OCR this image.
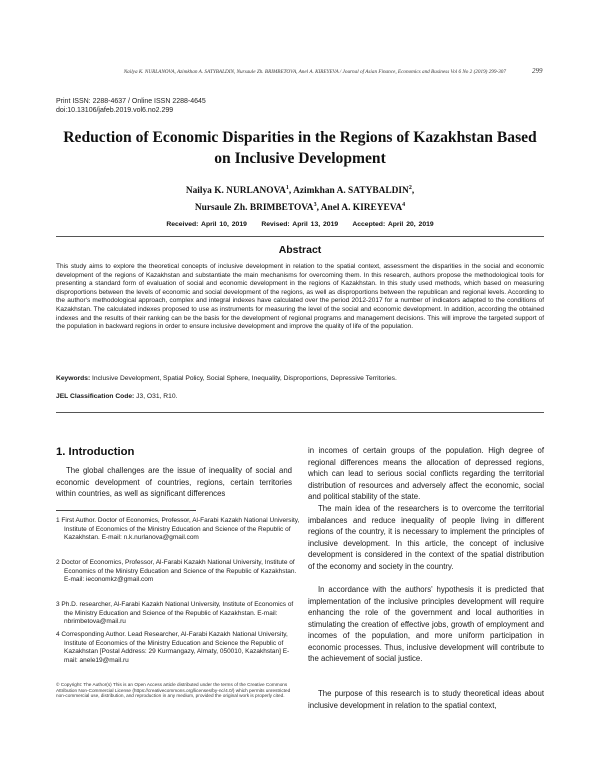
Nailya K. NURLANOVA, Azimkhan A. SATYBALDIN, Nursaule Zh. BRIMBETOVA, Anel A. KIREYEVA / Journal of Asian Finance, Economics and Business Vol 6 No 2 (2019) 299-307	299
Print ISSN: 2288-4637 / Online ISSN 2288-4645
doi:10.13106/jafeb.2019.vol6.no2.299
Reduction of Economic Disparities in the Regions of Kazakhstan Based
on Inclusive Development
Nailya K. NURLANOVA$^1$, Azimkhan A. SATYBALDIN$^2$,
Nursaule Zh. BRIMBETOVA$^3$, Anel A. KIREYEVA$^4$
Received: April 10, 2019 Revised: April 13, 2019 Accepted: April 20, 2019
Abstract

This study aims to explore the theoretical concepts of inclusive development in relation to the spatial context, assessment the disparities in the social and economic development of the regions of Kazakhstan and substantiate the main mechanisms for overcoming them. In this research, authors propose the methodological tools for presenting a standard form of evaluation of social and economic development in the regions of Kazakhstan. In this study used methods, which based on measuring disproportions between the levels of economic and social development of the regions, as well as disproportions between the republican and regional levels. According to the author's methodological approach, complex and integral indexes have calculated over the period 2012-2017 for a number of indicators adapted to the conditions of Kazakhstan. The calculated indexes proposed to use as instruments for measuring the level of the social and economic development. In addition, according the obtained indexes and the results of their ranking can be the basis for the development of regional programs and management decisions. This will improve the targeted support of the population in backward regions in order to ensure inclusive development and improve the quality of life of the population.

Keywords: Inclusive Development, Spatial Policy, Social Sphere, Inequality, Disproportions, Depressive Territories.
JEL Classification Code: J3, O31, R10.
1. Introduction

The global challenges are the issue of inequality of social and economic development of countries, regions, certain territories within countries, as well as significant differences

1 First Author. Doctor of Economics, Professor, Al-Farabi Kazakh National University, Institute of Economics of the Ministry Education and Science of the Republic of Kazakhstan. E-mail: n.k.nurlanova@gmail.com

2 Doctor of Economics, Professor, Al-Farabi Kazakh National University, Institute of Economics of the Ministry Education and Science of the Republic of Kazakhstan. E-mail: ieconomkz@gmail.com

3 Ph.D. researcher, Al-Farabi Kazakh National University, Institute of Economics of the Ministry Education and Science of the Republic of Kazakhstan. E-mail: nbrimbetova@mail.ru

4 Corresponding Author. Lead Researcher, Al-Farabi Kazakh National University, Institute of Economics of the Ministry Education and Science the Republic of Kazakhstan [Postal Address: 29 Kurmangazy, Almaty, 050010, Kazakhstan] E-mail: anele19@mail.ru

© Copyright: The Author(s) This is an Open Access article distributed under the terms of the Creative Commons Attribution Non-Commercial License (https://creativecommons.org/licenses/by-nc/4.0/) which permits unrestricted non-commercial use, distribution, and reproduction in any medium, provided the original work is properly cited.

in incomes of certain groups of the population. High degree of regional differences means the allocation of depressed regions, which can lead to serious social conflicts regarding the territorial distribution of resources and adversely affect the economic, social and political stability of the state.

The main idea of the researchers is to overcome the territorial imbalances and reduce inequality of people living in different regions of the country, it is necessary to implement the principles of inclusive development. In this article, the concept of inclusive development is considered in the context of the spatial distribution of the economy and society in the country.

In accordance with the authors' hypothesis it is predicted that implementation of the inclusive principles development will require enhancing the role of the government and local authorities in stimulating the creation of effective jobs, growth of employment and incomes of the population, and more uniform participation in economic processes. Thus, inclusive development will contribute to the achievement of social justice.

The purpose of this research is to study theoretical ideas about inclusive development in relation to the spatial context,
